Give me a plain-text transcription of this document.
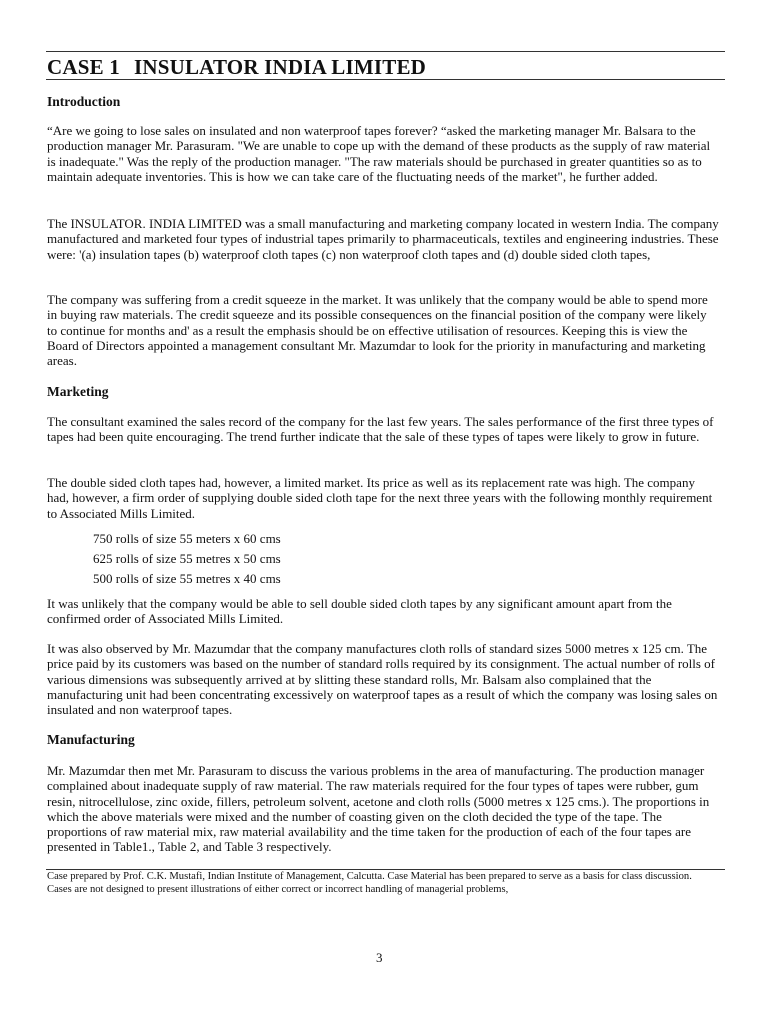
CASE 1 INSULATOR INDIA LIMITED
Introduction
“Are we going to lose sales on insulated and non waterproof tapes forever? “asked the marketing manager Mr. Balsara to the production manager Mr. Parasuram. "We are unable to cope up with the demand of these products as the supply of raw material is inadequate." Was the reply of the production manager. "The raw materials should be purchased in greater quantities so as to maintain adequate inventories. This is how we can take care of the fluctuating needs of the market", he further added.
The INSULATOR. INDIA LIMITED was a small manufacturing and marketing company located in western India. The company manufactured and marketed four types of industrial tapes primarily to pharmaceuticals, textiles and engineering industries. These were: '(a) insulation tapes (b) waterproof cloth tapes (c) non waterproof cloth tapes and (d) double sided cloth tapes,
The company was suffering from a credit squeeze in the market. It was unlikely that the company would be able to spend more in buying raw materials. The credit squeeze and its possible consequences on the financial position of the company were likely to continue for months and' as a result the emphasis should be on effective utilisation of resources. Keeping this is view the Board of Directors appointed a management consultant Mr. Mazumdar to look for the priority in manufacturing and marketing areas.
Marketing
The consultant examined the sales record of the company for the last few years. The sales performance of the first three types of tapes had been quite encouraging. The trend further indicate that the sale of these types of tapes were likely to grow in future.
The double sided cloth tapes had, however, a limited market. Its price as well as its replacement rate was high. The company had, however, a firm order of supplying double sided cloth tape for the next three years with the following monthly requirement to Associated Mills Limited.
750 rolls of size 55 meters x 60 cms
625 rolls of size 55 metres x 50 cms
500 rolls of size 55 metres x 40 cms
It was unlikely that the company would be able to sell double sided cloth tapes by any significant amount apart from the confirmed order of Associated Mills Limited.
It was also observed by Mr. Mazumdar that the company manufactures cloth rolls of standard sizes 5000 metres x 125 cm. The price paid by its customers was based on the number of standard rolls required by its consignment. The actual number of rolls of various dimensions was subsequently arrived at by slitting these standard rolls, Mr. Balsam also complained that the manufacturing unit had been concentrating excessively on waterproof tapes as a result of which the company was losing sales on insulated and non waterproof tapes.
Manufacturing
Mr. Mazumdar then met Mr. Parasuram to discuss the various problems in the area of manufacturing. The production manager complained about inadequate supply of raw material. The raw materials required for the four types of tapes were rubber, gum resin, nitrocellulose, zinc oxide, fillers, petroleum solvent, acetone and cloth rolls (5000 metres x 125 cms.). The proportions in which the above materials were mixed and the number of coasting given on the cloth decided the type of the tape. The proportions of raw material mix, raw material availability and the time taken for the production of each of the four tapes are presented in Table1., Table 2, and Table 3 respectively.
Case prepared by Prof. C.K. Mustafi, Indian Institute of Management, Calcutta. Case Material has been prepared to serve as a basis for class discussion. Cases are not designed to present illustrations of either correct or incorrect handling of managerial problems,
3
